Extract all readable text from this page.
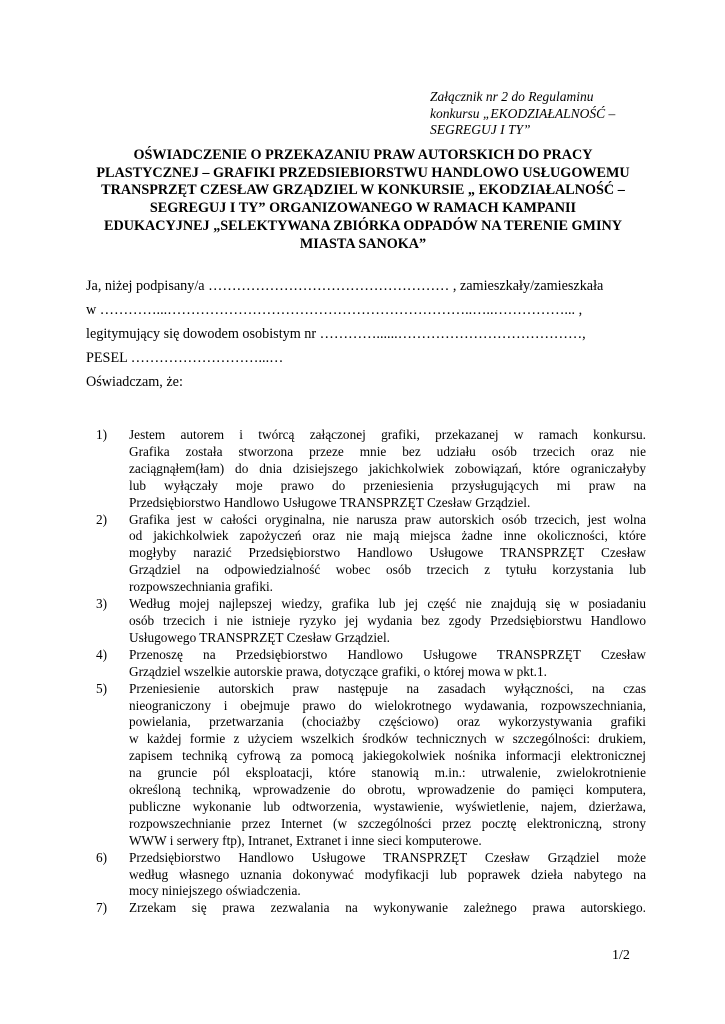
Załącznik nr 2 do Regulaminu
konkursu „EKODZIAŁALNOŚĆ –
SEGREGUJ I TY”
OŚWIADCZENIE O PRZEKAZANIU PRAW AUTORSKICH DO PRACY
PLASTYCZNEJ – GRAFIKI PRZEDSIEBIORSTWU HANDLOWO USŁUGOWEMU
TRANSPRZĘT CZESŁAW GRZĄDZIEL W KONKURSIE „ EKODZIAŁALNOŚĆ –
SEGREGUJ I TY” ORGANIZOWANEGO W RAMACH KAMPANII
EDUKACYJNEJ „SELEKTYWANA ZBIÓRKA ODPADÓW NA TERENIE GMINY
MIASTA SANOKA”
Ja, niżej podpisany/a …………………………………………… , zamieszkały/zamieszkała
w …………...………………………………………………………..…..……………... ,
legitymujący się dowodem osobistym nr …………......…………………………………,
PESEL ………………………...…
Oświadczam, że:
1)	Jestem autorem i twórcą załączonej grafiki, przekazanej w ramach konkursu.
Grafika została stworzona przeze mnie bez udziału osób trzecich oraz nie
zaciągnąłem(łam) do dnia dzisiejszego jakichkolwiek zobowiązań, które ograniczałyby
lub wyłączały moje prawo do przeniesienia przysługujących mi praw na
Przedsiębiorstwo Handlowo Usługowe TRANSPRZĘT Czesław Grządziel.
2)	Grafika jest w całości oryginalna, nie narusza praw autorskich osób trzecich, jest wolna
od jakichkolwiek zapożyczeń oraz nie mają miejsca żadne inne okoliczności, które
mogłyby narazić Przedsiębiorstwo Handlowo Usługowe TRANSPRZĘT Czesław
Grządziel na odpowiedzialność wobec osób trzecich z tytułu korzystania lub
rozpowszechniania grafiki.
3)	Według mojej najlepszej wiedzy, grafika lub jej część nie znajdują się w posiadaniu
osób trzecich i nie istnieje ryzyko jej wydania bez zgody Przedsiębiorstwu Handlowo
Usługowego TRANSPRZĘT Czesław Grządziel.
4)	Przenoszę na Przedsiębiorstwo Handlowo Usługowe TRANSPRZĘT Czesław
Grządziel wszelkie autorskie prawa, dotyczące grafiki, o której mowa w pkt.1.
5)	Przeniesienie autorskich praw następuje na zasadach wyłączności, na czas
nieograniczony i obejmuje prawo do wielokrotnego wydawania, rozpowszechniania,
powielania, przetwarzania (chociażby częściowo) oraz wykorzystywania grafiki
w każdej formie z użyciem wszelkich środków technicznych w szczególności: drukiem,
zapisem techniką cyfrową za pomocą jakiegokolwiek nośnika informacji elektronicznej
na gruncie pól eksploatacji, które stanowią m.in.: utrwalenie, zwielokrotnienie
określoną techniką, wprowadzenie do obrotu, wprowadzenie do pamięci komputera,
publiczne wykonanie lub odtworzenia, wystawienie, wyświetlenie, najem, dzierżawa,
rozpowszechnianie przez Internet (w szczególności przez pocztę elektroniczną, strony
WWW i serwery ftp), Intranet, Extranet i inne sieci komputerowe.
6)	Przedsiębiorstwo Handlowo Usługowe TRANSPRZĘT Czesław Grządziel może
według własnego uznania dokonywać modyfikacji lub poprawek dzieła nabytego na
mocy niniejszego oświadczenia.
7)	Zrzekam się prawa zezwalania na wykonywanie zależnego prawa autorskiego.
1/2
